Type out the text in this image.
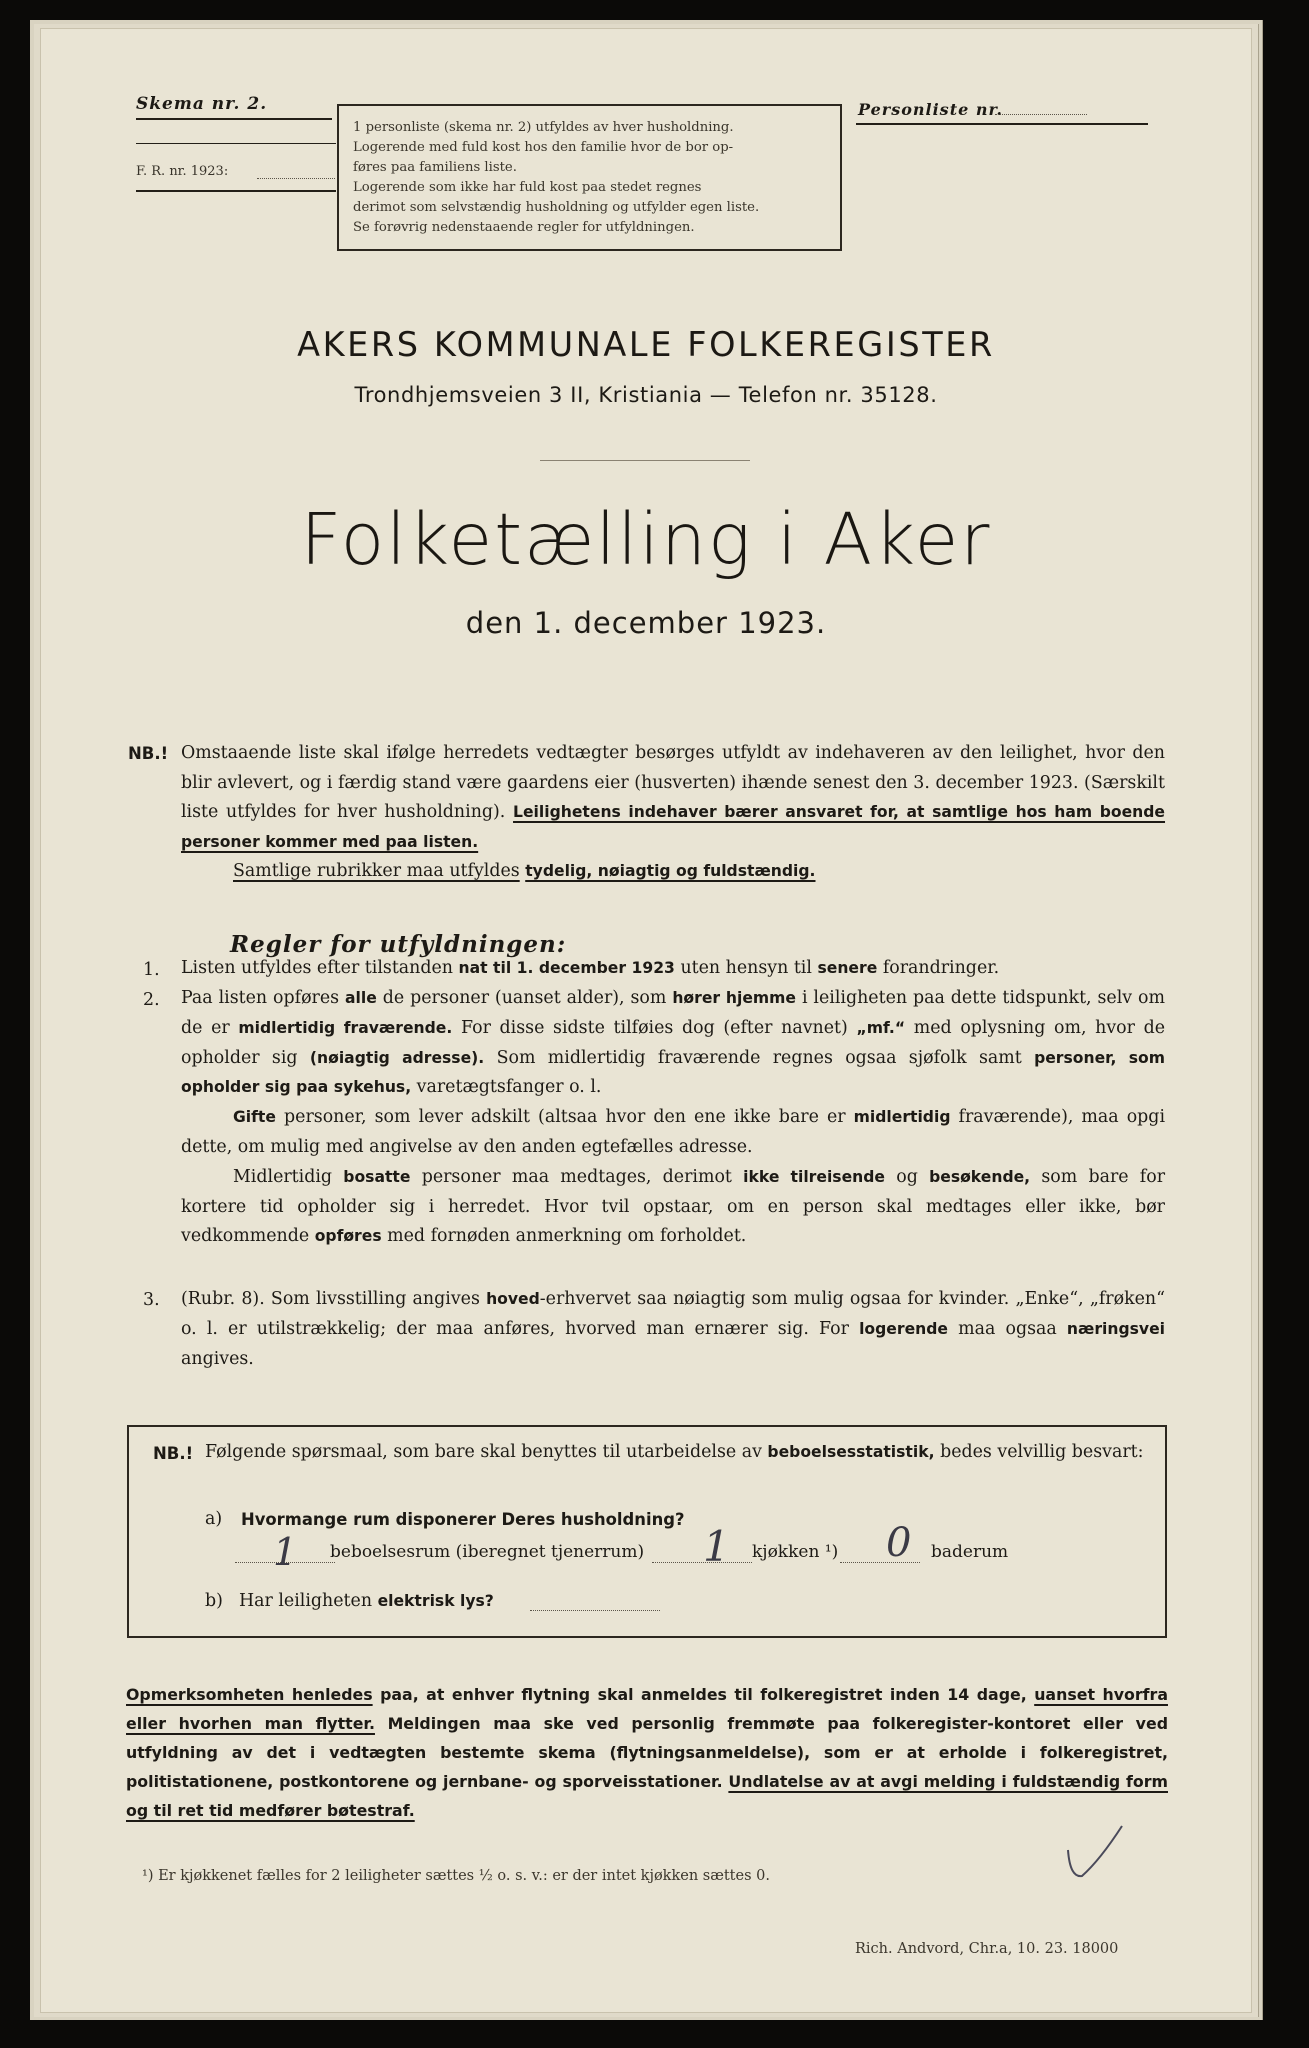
Skema nr. 2.
F. R. nr. 1923:
1 personliste (skema nr. 2) utfyldes av hver husholdning.
Logerende med fuld kost hos den familie hvor de bor op-
føres paa familiens liste.
Logerende som ikke har fuld kost paa stedet regnes
derimot som selvstændig husholdning og utfylder egen liste.
Se forøvrig nedenstaaende regler for utfyldningen.
Personliste nr.
AKERS KOMMUNALE FOLKEREGISTER
Trondhjemsveien 3 II, Kristiania — Telefon nr. 35128.
Folketælling i Aker
den 1. december 1923.
NB.! Omstaaende liste skal ifølge herredets vedtægter besørges utfyldt av indehaveren av den leilighet, hvor den blir avlevert, og i færdig stand være gaardens eier (husverten) ihænde senest den 3. december 1923. (Særskilt liste utfyldes for hver husholdning). Leilighetens indehaver bærer ansvaret for, at samtlige hos ham boende personer kommer med paa listen.

Samtlige rubrikker maa utfyldes tydelig, nøiagtig og fuldstændig.

Regler for utfyldningen:
1.	Listen utfyldes efter tilstanden nat til 1. december 1923 uten hensyn til senere forandringer.

2.	Paa listen opføres alle de personer (uanset alder), som hører hjemme i leiligheten paa dette tidspunkt, selv om de er midlertidig fraværende. For disse sidste tilføies dog (efter navnet) „mf.“ med oplysning om, hvor de opholder sig (nøiagtig adresse). Som midlertidig fraværende regnes ogsaa sjøfolk samt personer, som opholder sig paa sykehus, varetægtsfanger o. l.

Gifte personer, som lever adskilt (altsaa hvor den ene ikke bare er midlertidig fraværende), maa opgi dette, om mulig med angivelse av den anden egtefælles adresse.

Midlertidig bosatte personer maa medtages, derimot ikke tilreisende og besøkende, som bare for kortere tid opholder sig i herredet. Hvor tvil opstaar, om en person skal medtages eller ikke, bør vedkommende opføres med fornøden anmerkning om forholdet.

3.	(Rubr. 8). Som livsstilling angives hoved-erhvervet saa nøiagtig som mulig ogsaa for kvinder. „Enke“, „frøken“ o. l. er utilstrækkelig; der maa anføres, hvorved man ernærer sig. For logerende maa ogsaa næringsvei angives.

NB.! Følgende spørsmaal, som bare skal benyttes til utarbeidelse av beboelsesstatistik, bedes velvillig besvart:

a) Hvormange rum disponerer Deres husholdning?
1 beboelsesrum (iberegnet tjenerrum) 1 kjøkken ¹) 0 baderum
b) Har leiligheten elektrisk lys?

Opmerksomheten henledes paa, at enhver flytning skal anmeldes til folkeregistret inden 14 dage, uanset hvorfra eller hvorhen man flytter. Meldingen maa ske ved personlig fremmøte paa folkeregister-kontoret eller ved utfyldning av det i vedtægten bestemte skema (flytningsanmeldelse), som er at erholde i folkeregistret, politistationene, postkontorene og jernbane- og sporveisstationer. Undlatelse av at avgi melding i fuldstændig form og til ret tid medfører bøtestraf.

¹) Er kjøkkenet fælles for 2 leiligheter sættes ½ o. s. v.: er der intet kjøkken sættes 0.
Rich. Andvord, Chr.a, 10. 23. 18000
